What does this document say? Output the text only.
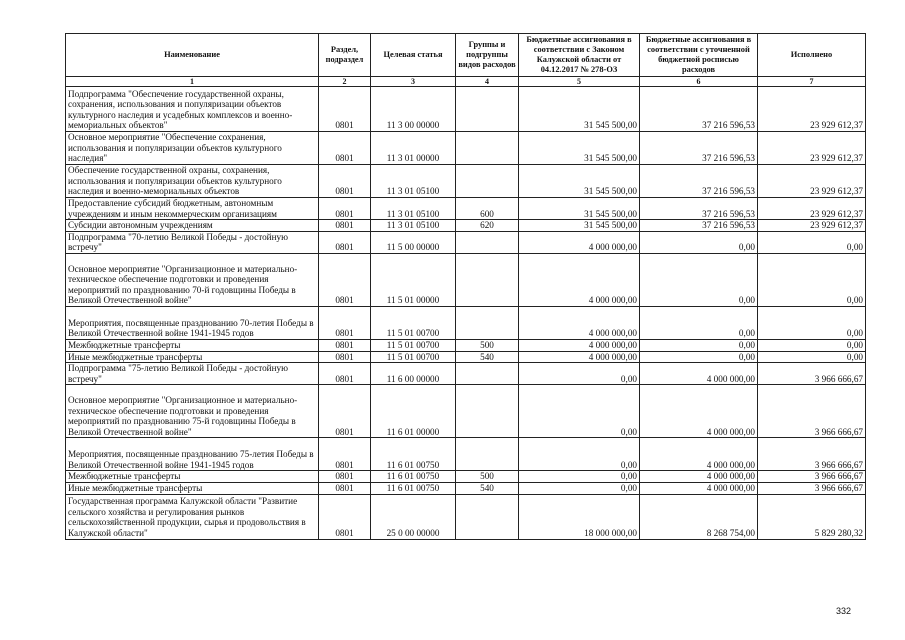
Наименование	Раздел, подраздел	Целевая статья	Группы и подгруппы видов расходов	Бюджетные ассигнования в соответствии с Законом Калужской области от 04.12.2017 № 278-ОЗ	Бюджетные ассигнования в соответствии с уточненной бюджетной росписью расходов	Исполнено
1	2	3	4	5	6	7
Подпрограмма "Обеспечение государственной охраны, сохранения, использования и популяризации объектов культурного наследия и усадебных комплексов и военно-мемориальных объектов"	0801	11 3 00 00000		31 545 500,00	37 216 596,53	23 929 612,37
Основное мероприятие "Обеспечение сохранения, использования и популяризации объектов культурного наследия"	0801	11 3 01 00000		31 545 500,00	37 216 596,53	23 929 612,37
Обеспечение государственной охраны, сохранения, использования и популяризации объектов культурного наследия и военно-мемориальных объектов	0801	11 3 01 05100		31 545 500,00	37 216 596,53	23 929 612,37
Предоставление субсидий бюджетным, автономным учреждениям и иным некоммерческим организациям	0801	11 3 01 05100	600	31 545 500,00	37 216 596,53	23 929 612,37
Субсидии автономным учреждениям	0801	11 3 01 05100	620	31 545 500,00	37 216 596,53	23 929 612,37
Подпрограмма "70-летию Великой Победы - достойную встречу"	0801	11 5 00 00000		4 000 000,00	0,00	0,00
Основное мероприятие "Организационное и материально-техническое обеспечение подготовки и проведения мероприятий по празднованию 70-й годовщины Победы в Великой Отечественной войне"	0801	11 5 01 00000		4 000 000,00	0,00	0,00
Мероприятия, посвященные празднованию 70-летия Победы в Великой Отечественной войне 1941-1945 годов	0801	11 5 01 00700		4 000 000,00	0,00	0,00
Межбюджетные трансферты	0801	11 5 01 00700	500	4 000 000,00	0,00	0,00
Иные межбюджетные трансферты	0801	11 5 01 00700	540	4 000 000,00	0,00	0,00
Подпрограмма "75-летию Великой Победы - достойную встречу"	0801	11 6 00 00000		0,00	4 000 000,00	3 966 666,67
Основное мероприятие "Организационное и материально-техническое обеспечение подготовки и проведения мероприятий по празднованию 75-й годовщины Победы в Великой Отечественной войне"	0801	11 6 01 00000		0,00	4 000 000,00	3 966 666,67
Мероприятия, посвященные празднованию 75-летия Победы в Великой Отечественной войне 1941-1945 годов	0801	11 6 01 00750		0,00	4 000 000,00	3 966 666,67
Межбюджетные трансферты	0801	11 6 01 00750	500	0,00	4 000 000,00	3 966 666,67
Иные межбюджетные трансферты	0801	11 6 01 00750	540	0,00	4 000 000,00	3 966 666,67
Государственная программа Калужской области "Развитие сельского хозяйства и регулирования рынков сельскохозяйственной продукции, сырья и продовольствия в Калужской области"	0801	25 0 00 00000		18 000 000,00	8 268 754,00	5 829 280,32
332
